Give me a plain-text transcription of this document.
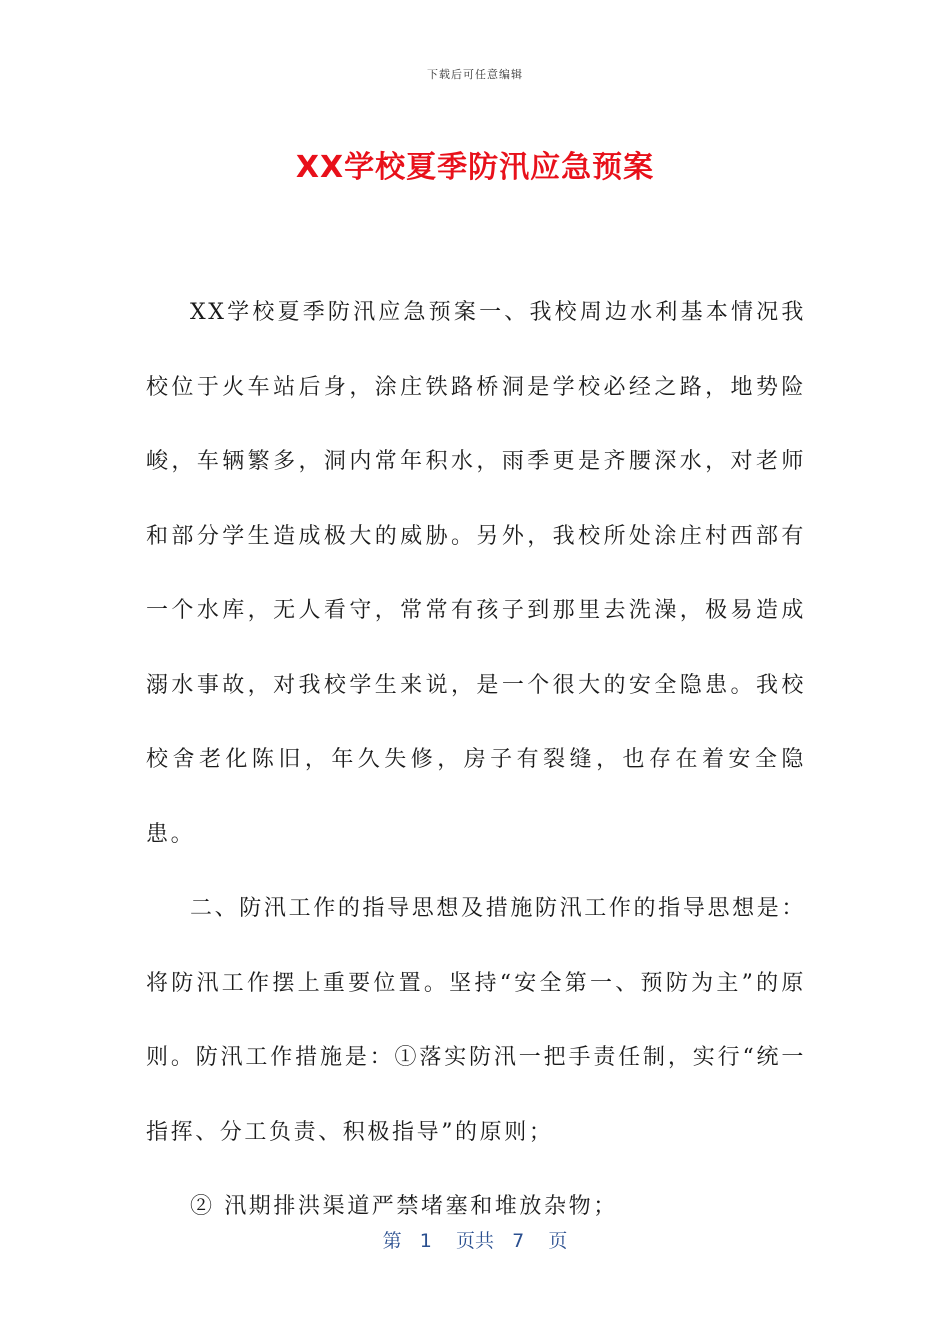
下载后可任意编辑
XX学校夏季防汛应急预案

XX学校夏季防汛应急预案一、我校周边水利基本情况我校位于火车站后身，涂庄铁路桥洞是学校必经之路，地势险峻，车辆繁多，洞内常年积水，雨季更是齐腰深水，对老师和部分学生造成极大的威胁。另外，我校所处涂庄村西部有一个水库，无人看守，常常有孩子到那里去洗澡，极易造成溺水事故，对我校学生来说，是一个很大的安全隐患。我校校舍老化陈旧，年久失修，房子有裂缝，也存在着安全隐患。

二、防汛工作的指导思想及措施防汛工作的指导思想是：将防汛工作摆上重要位置。坚持“安全第一、预防为主”的原则。防汛工作措施是：①落实防汛一把手责任制，实行“统一指挥、分工负责、积极指导”的原则；

② 汛期排洪渠道严禁堵塞和堆放杂物；

第 1 页共 7 页
